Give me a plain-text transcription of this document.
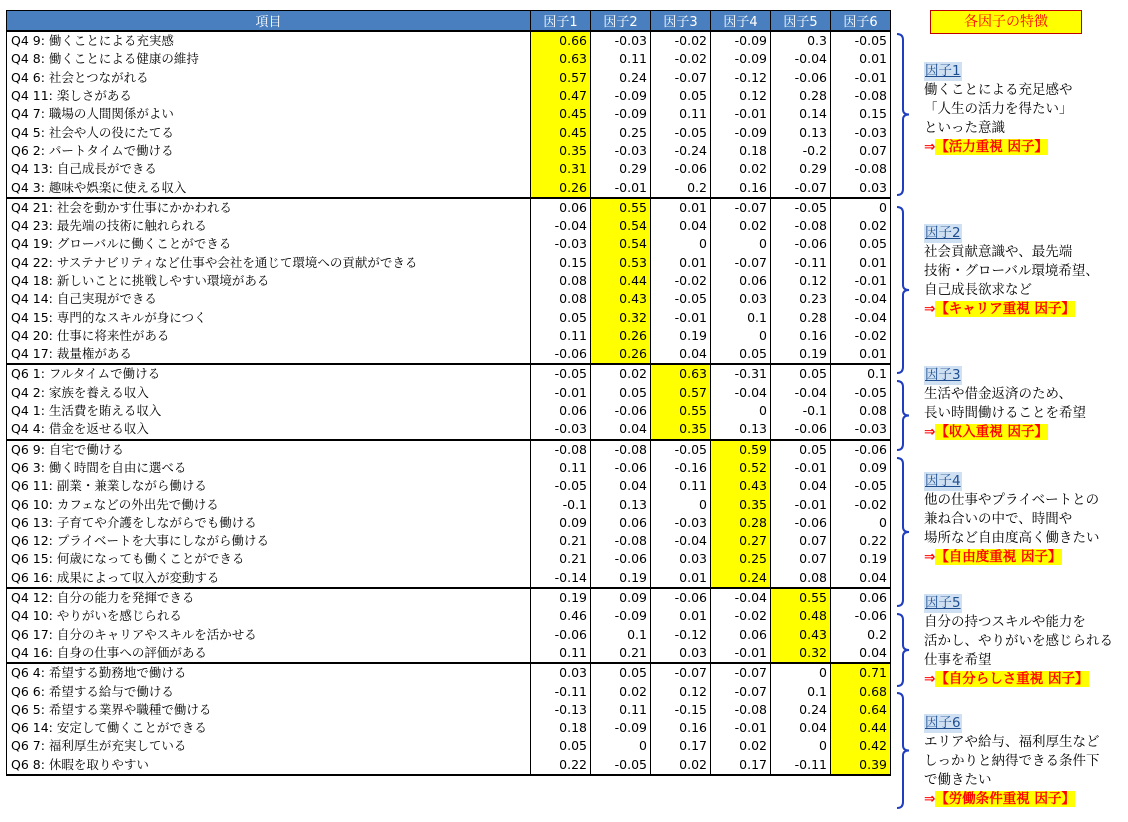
項目	因子1	因子2	因子3	因子4	因子5	因子6
Q4 9: 働くことによる充実感	0.66	-0.03	-0.02	-0.09	0.3	-0.05
Q4 8: 働くことによる健康の維持	0.63	0.11	-0.02	-0.09	-0.04	0.01
Q4 6: 社会とつながれる	0.57	0.24	-0.07	-0.12	-0.06	-0.01
Q4 11: 楽しさがある	0.47	-0.09	0.05	0.12	0.28	-0.08
Q4 7: 職場の人間関係がよい	0.45	-0.09	0.11	-0.01	0.14	0.15
Q4 5: 社会や人の役にたてる	0.45	0.25	-0.05	-0.09	0.13	-0.03
Q6 2: パートタイムで働ける	0.35	-0.03	-0.24	0.18	-0.2	0.07
Q4 13: 自己成長ができる	0.31	0.29	-0.06	0.02	0.29	-0.08
Q4 3: 趣味や娯楽に使える収入	0.26	-0.01	0.2	0.16	-0.07	0.03
Q4 21: 社会を動かす仕事にかかわれる	0.06	0.55	0.01	-0.07	-0.05	0
Q4 23: 最先端の技術に触れられる	-0.04	0.54	0.04	0.02	-0.08	0.02
Q4 19: グローバルに働くことができる	-0.03	0.54	0	0	-0.06	0.05
Q4 22: サステナビリティなど仕事や会社を通じて環境への貢献ができる	0.15	0.53	0.01	-0.07	-0.11	0.01
Q4 18: 新しいことに挑戦しやすい環境がある	0.08	0.44	-0.02	0.06	0.12	-0.01
Q4 14: 自己実現ができる	0.08	0.43	-0.05	0.03	0.23	-0.04
Q4 15: 専門的なスキルが身につく	0.05	0.32	-0.01	0.1	0.28	-0.04
Q4 20: 仕事に将来性がある	0.11	0.26	0.19	0	0.16	-0.02
Q4 17: 裁量権がある	-0.06	0.26	0.04	0.05	0.19	0.01
Q6 1: フルタイムで働ける	-0.05	0.02	0.63	-0.31	0.05	0.1
Q4 2: 家族を養える収入	-0.01	0.05	0.57	-0.04	-0.04	-0.05
Q4 1: 生活費を賄える収入	0.06	-0.06	0.55	0	-0.1	0.08
Q4 4: 借金を返せる収入	-0.03	0.04	0.35	0.13	-0.06	-0.03
Q6 9: 自宅で働ける	-0.08	-0.08	-0.05	0.59	0.05	-0.06
Q6 3: 働く時間を自由に選べる	0.11	-0.06	-0.16	0.52	-0.01	0.09
Q6 11: 副業・兼業しながら働ける	-0.05	0.04	0.11	0.43	0.04	-0.05
Q6 10: カフェなどの外出先で働ける	-0.1	0.13	0	0.35	-0.01	-0.02
Q6 13: 子育てや介護をしながらでも働ける	0.09	0.06	-0.03	0.28	-0.06	0
Q6 12: プライベートを大事にしながら働ける	0.21	-0.08	-0.04	0.27	0.07	0.22
Q6 15: 何歳になっても働くことができる	0.21	-0.06	0.03	0.25	0.07	0.19
Q6 16: 成果によって収入が変動する	-0.14	0.19	0.01	0.24	0.08	0.04
Q4 12: 自分の能力を発揮できる	0.19	0.09	-0.06	-0.04	0.55	0.06
Q4 10: やりがいを感じられる	0.46	-0.09	0.01	-0.02	0.48	-0.06
Q6 17: 自分のキャリアやスキルを活かせる	-0.06	0.1	-0.12	0.06	0.43	0.2
Q4 16: 自身の仕事への評価がある	0.11	0.21	0.03	-0.01	0.32	0.04
Q6 4: 希望する勤務地で働ける	0.03	0.05	-0.07	-0.07	0	0.71
Q6 6: 希望する給与で働ける	-0.11	0.02	0.12	-0.07	0.1	0.68
Q6 5: 希望する業界や職種で働ける	-0.13	0.11	-0.15	-0.08	0.24	0.64
Q6 14: 安定して働くことができる	0.18	-0.09	0.16	-0.01	0.04	0.44
Q6 7: 福利厚生が充実している	0.05	0	0.17	0.02	0	0.42
Q6 8: 休暇を取りやすい	0.22	-0.05	0.02	0.17	-0.11	0.39
各因子の特徴
因子1
働くことによる充足感や
「人生の活力を得たい」
といった意識
⇒【活力重視 因子】
因子2
社会貢献意識や、最先端
技術・グローバル環境希望、
自己成長欲求など
⇒【キャリア重視 因子】
因子3
生活や借金返済のため、
長い時間働けることを希望
⇒【収入重視 因子】
因子4
他の仕事やプライベートとの
兼ね合いの中で、時間や
場所など自由度高く働きたい
⇒【自由度重視 因子】
因子5
自分の持つスキルや能力を
活かし、やりがいを感じられる
仕事を希望
⇒【自分らしさ重視 因子】
因子6
エリアや給与、福利厚生など
しっかりと納得できる条件下
で働きたい
⇒【労働条件重視 因子】
